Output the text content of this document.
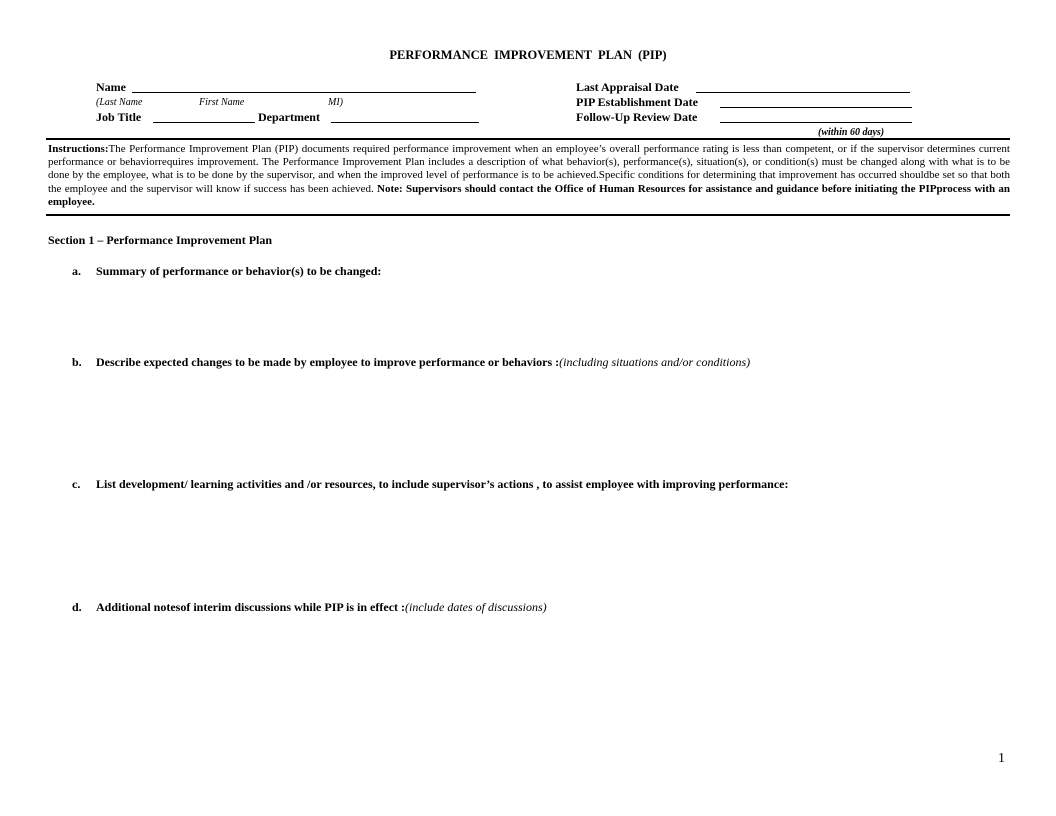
PERFORMANCE IMPROVEMENT PLAN (PIP)
Name
(Last Name	First Name	MI)
Job Title	Department
Last Appraisal Date
PIP Establishment Date
Follow-Up Review Date
(within 60 days)
Instructions:The Performance Improvement Plan (PIP) documents required performance improvement when an employee’s overall performance rating is less than competent, or if the supervisor determines current performance or behaviorrequires improvement. The Performance Improvement Plan includes a description of what behavior(s), performance(s), situation(s), or condition(s) must be changed along with what is to be done by the employee, what is to be done by the supervisor, and when the improved level of performance is to be achieved.Specific conditions for determining that improvement has occurred shouldbe set so that both the employee and the supervisor will know if success has been achieved. Note: Supervisors should contact the Office of Human Resources for assistance and guidance before initiating the PIPprocess with an employee.
Section 1 – Performance Improvement Plan
a. Summary of performance or behavior(s) to be changed:
b. Describe expected changes to be made by employee to improve performance or behaviors :(including situations and/or conditions)
c. List development/ learning activities and /or resources, to include supervisor’s actions , to assist employee with improving performance:
d. Additional notesof interim discussions while PIP is in effect :(include dates of discussions)
1
